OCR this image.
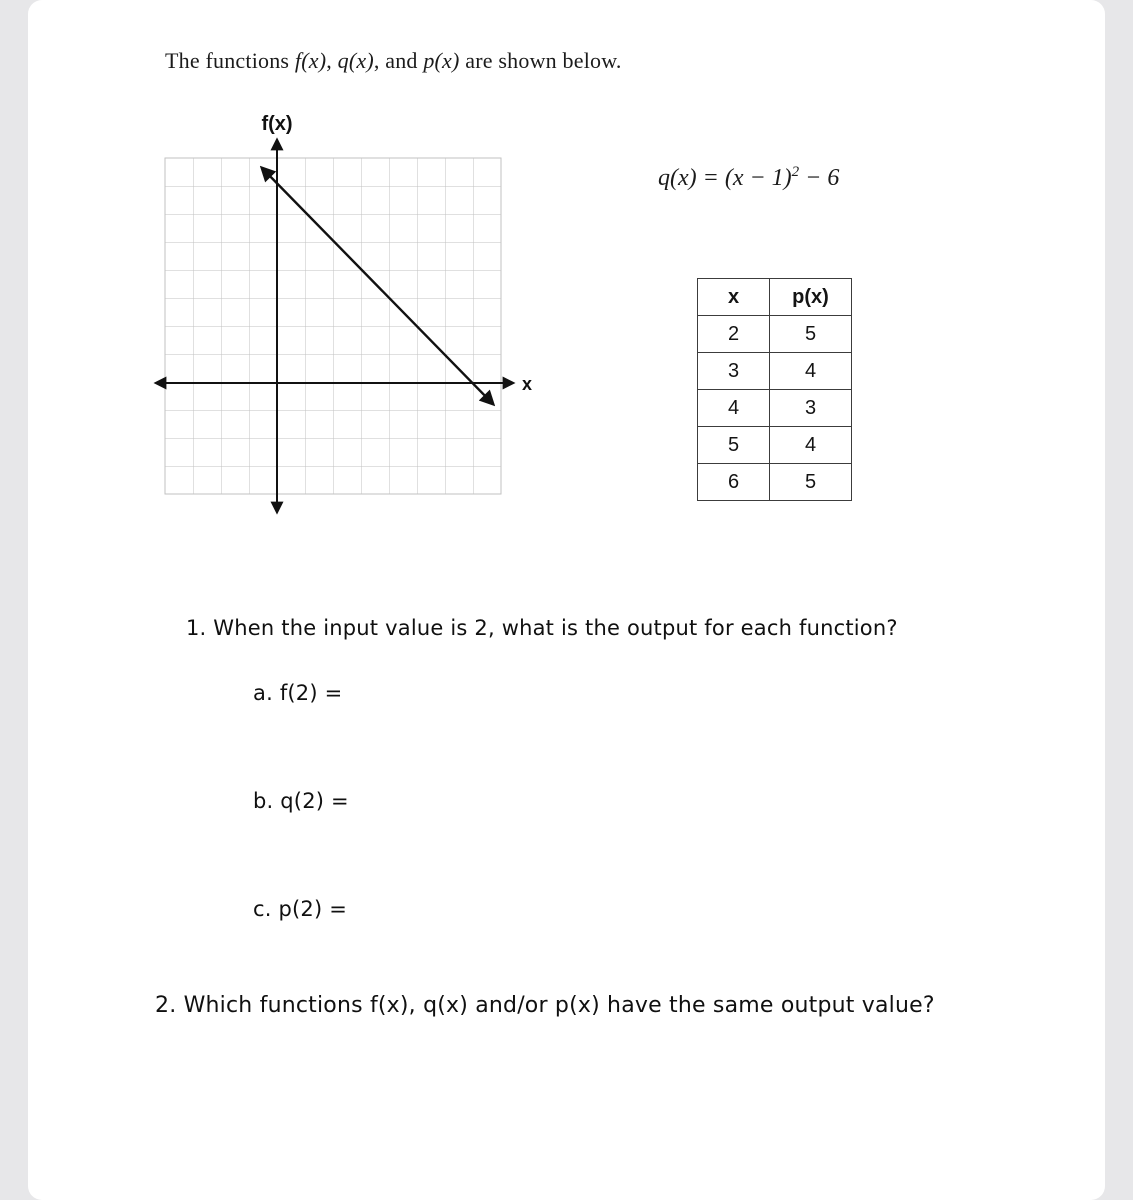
The functions f(x), q(x), and p(x) are shown below.
f(x)
x
$q(x) = (x - 1)^2 - 6$
x	p(x)
2	5
3	4
4	3
5	4
6	5
1. When the input value is 2, what is the output for each function?
a. f(2) =
b. q(2) =
c. p(2) =
2. Which functions f(x), q(x) and/or p(x) have the same output value?
